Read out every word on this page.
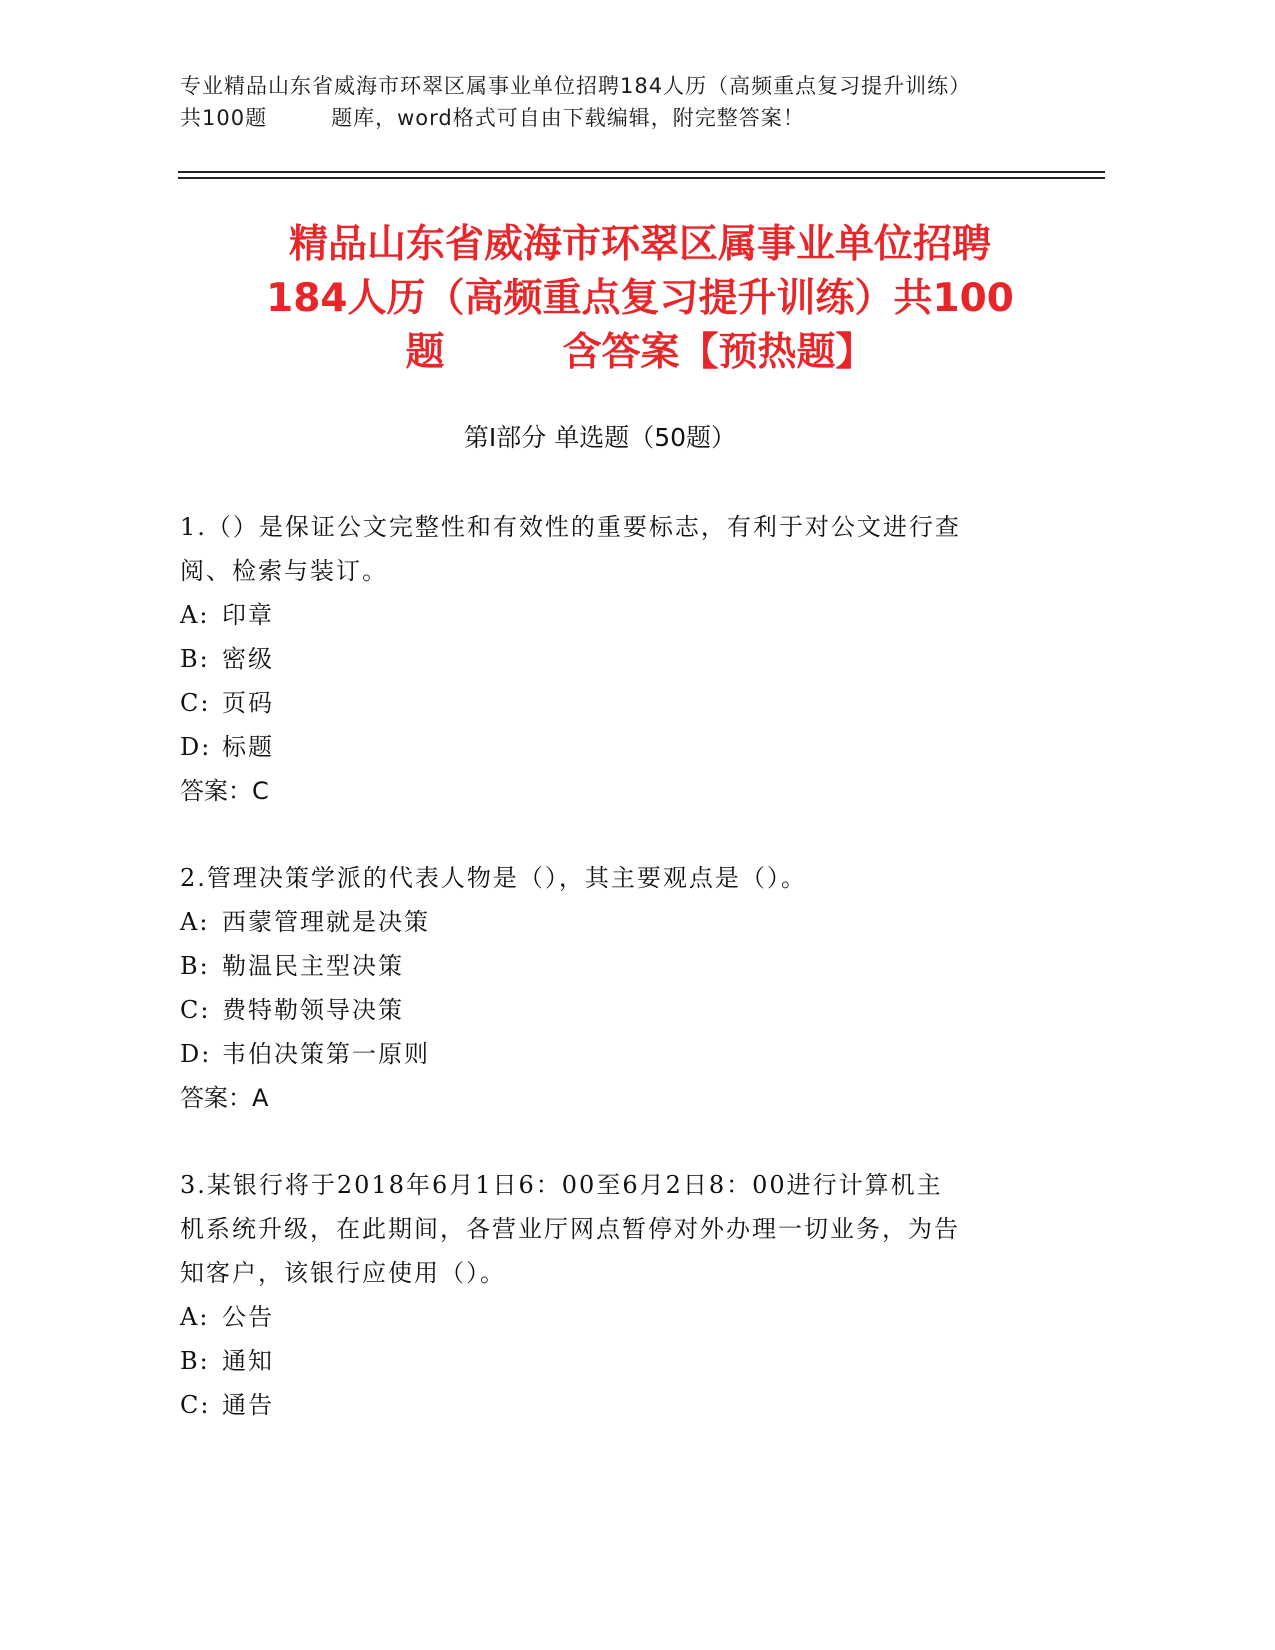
专业精品山东省威海市环翠区属事业单位招聘184人历（高频重点复习提升训练）
共100题	题库，word格式可自由下载编辑，附完整答案！
精品山东省威海市环翠区属事业单位招聘
184人历（高频重点复习提升训练）共100
题	含答案【预热题】
第Ⅰ部分 单选题（50题）
1.（）是保证公文完整性和有效性的重要标志，有利于对公文进行查
阅、检索与装订。
A: 印章
B: 密级
C: 页码
D: 标题
答案：C
2.管理决策学派的代表人物是（），其主要观点是（）。
A: 西蒙管理就是决策
B: 勒温民主型决策
C: 费特勒领导决策
D: 韦伯决策第一原则
答案：A
3.某银行将于2018年6月1日6：00至6月2日8：00进行计算机主
机系统升级，在此期间，各营业厅网点暂停对外办理一切业务，为告
知客户，该银行应使用（）。
A: 公告
B: 通知
C: 通告
